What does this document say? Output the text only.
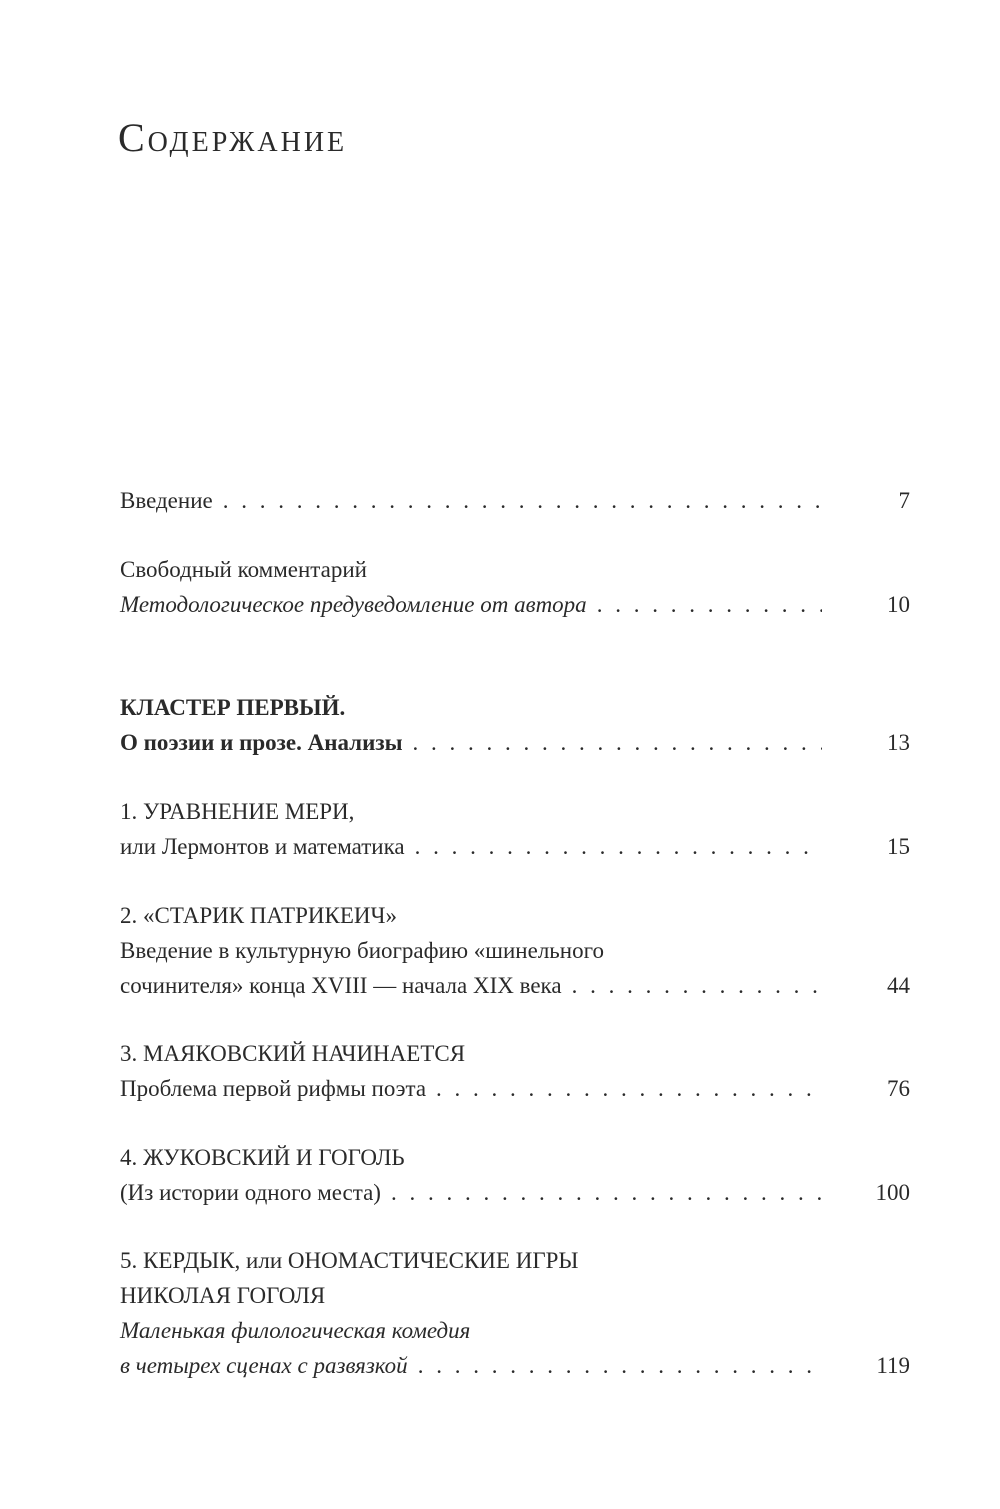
Содержание
Введение . . .	7
Свободный комментарий
Методологическое предуведомление от автора . . .	10
КЛАСТЕР ПЕРВЫЙ.
О поэзии и прозе. Анализы . . .	13
1. УРАВНЕНИЕ МЕРИ,
или Лермонтов и математика . . .	15
2. «СТАРИК ПАТРИКЕИЧ»
Введение в культурную биографию «шинельного
сочинителя» конца XVIII — начала XIX века . . .	44
3. МАЯКОВСКИЙ НАЧИНАЕТСЯ
Проблема первой рифмы поэта . . .	76
4. ЖУКОВСКИЙ И ГОГОЛЬ
(Из истории одного места) . . .	100
5. КЕРДЫК, или ОНОМАСТИЧЕСКИЕ ИГРЫ
НИКОЛАЯ ГОГОЛЯ
Маленькая филологическая комедия
в четырех сценах с развязкой . . .	119
